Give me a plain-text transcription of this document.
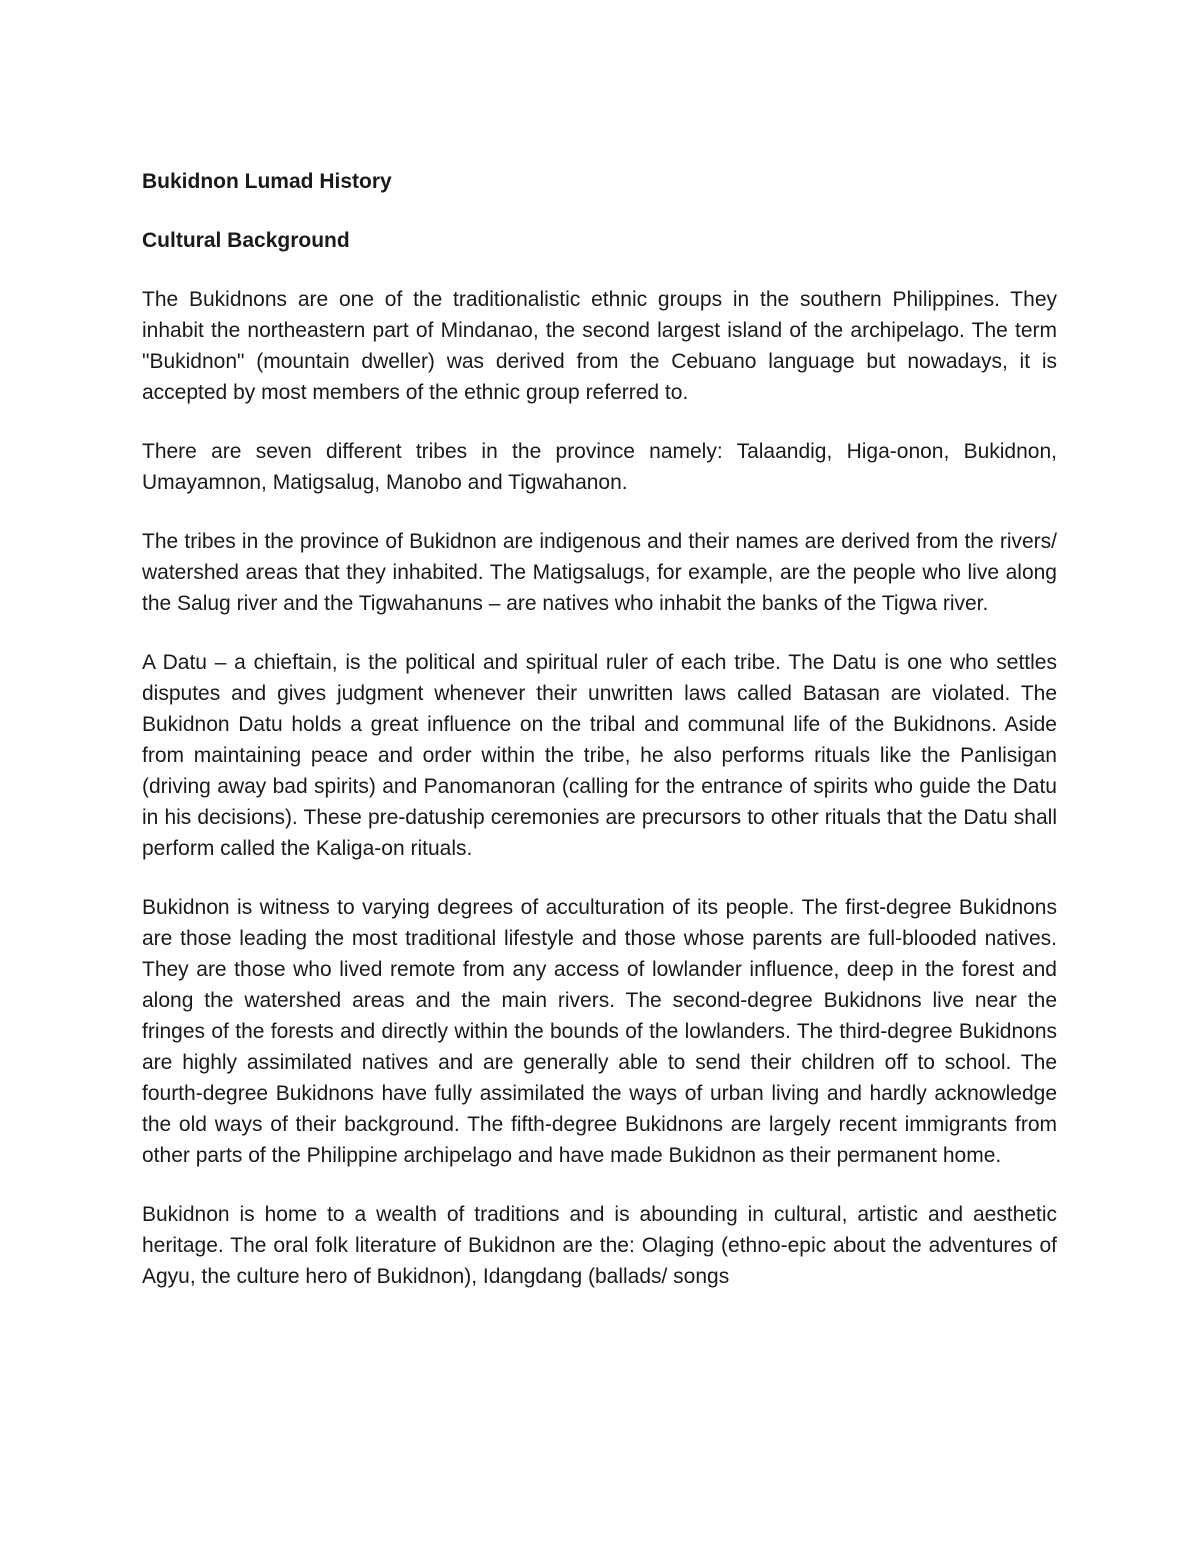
Bukidnon Lumad History
Cultural Background

The Bukidnons are one of the traditionalistic ethnic groups in the southern Philippines. They inhabit the northeastern part of Mindanao, the second largest island of the archipelago. The term "Bukidnon" (mountain dweller) was derived from the Cebuano language but nowadays, it is accepted by most members of the ethnic group referred to.

There are seven different tribes in the province namely: Talaandig, Higa-onon, Bukidnon, Umayamnon, Matigsalug, Manobo and Tigwahanon.

The tribes in the province of Bukidnon are indigenous and their names are derived from the rivers/ watershed areas that they inhabited. The Matigsalugs, for example, are the people who live along the Salug river and the Tigwahanuns – are natives who inhabit the banks of the Tigwa river.

A Datu – a chieftain, is the political and spiritual ruler of each tribe. The Datu is one who settles disputes and gives judgment whenever their unwritten laws called Batasan are violated. The Bukidnon Datu holds a great influence on the tribal and communal life of the Bukidnons. Aside from maintaining peace and order within the tribe, he also performs rituals like the Panlisigan (driving away bad spirits) and Panomanoran (calling for the entrance of spirits who guide the Datu in his decisions). These pre-datuship ceremonies are precursors to other rituals that the Datu shall perform called the Kaliga-on rituals.

Bukidnon is witness to varying degrees of acculturation of its people. The first-degree Bukidnons are those leading the most traditional lifestyle and those whose parents are full-blooded natives. They are those who lived remote from any access of lowlander influence, deep in the forest and along the watershed areas and the main rivers. The second-degree Bukidnons live near the fringes of the forests and directly within the bounds of the lowlanders. The third-degree Bukidnons are highly assimilated natives and are generally able to send their children off to school. The fourth-degree Bukidnons have fully assimilated the ways of urban living and hardly acknowledge the old ways of their background. The fifth-degree Bukidnons are largely recent immigrants from other parts of the Philippine archipelago and have made Bukidnon as their permanent home.

Bukidnon is home to a wealth of traditions and is abounding in cultural, artistic and aesthetic heritage. The oral folk literature of Bukidnon are the: Olaging (ethno-epic about the adventures of Agyu, the culture hero of Bukidnon), Idangdang (ballads/ songs
